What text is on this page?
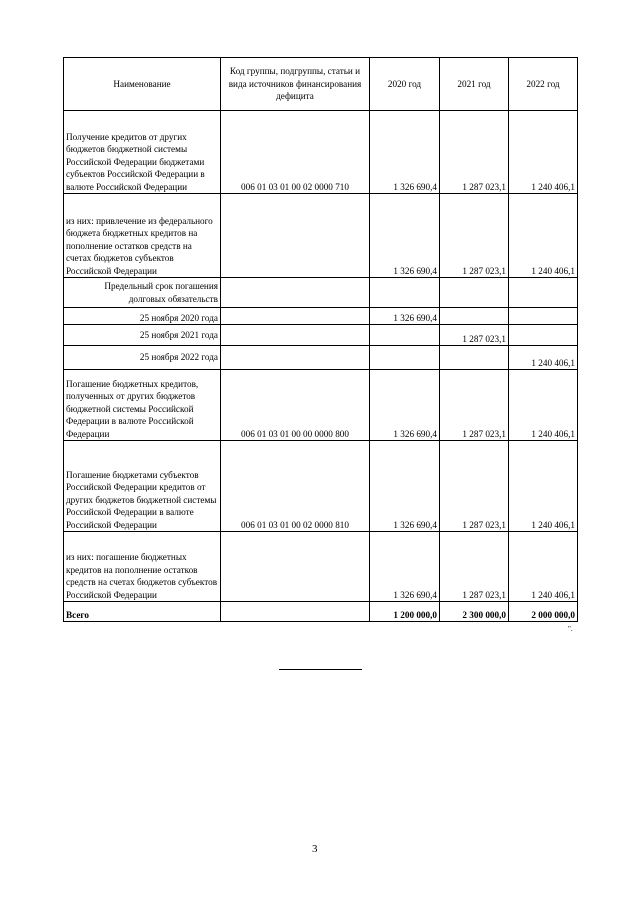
Наименование	Код группы, подгруппы, статьи и вида источников финансирования дефицита	2020 год	2021 год	2022 год
Получение кредитов от других бюджетов бюджетной системы Российской Федерации бюджетами субъектов Российской Федерации в валюте Российской Федерации	006 01 03 01 00 02 0000 710	1 326 690,4	1 287 023,1	1 240 406,1
из них: привлечение из федерального бюджета бюджетных кредитов на пополнение остатков средств на счетах бюджетов субъектов Российской Федерации		1 326 690,4	1 287 023,1	1 240 406,1
Предельный срок погашения долговых обязательств				
25 ноября 2020 года		1 326 690,4		
25 ноября 2021 года			1 287 023,1	
25 ноября 2022 года				1 240 406,1
Погашение бюджетных кредитов, полученных от других бюджетов бюджетной системы Российской Федерации в валюте Российской Федерации	006 01 03 01 00 00 0000 800	1 326 690,4	1 287 023,1	1 240 406,1
Погашение бюджетами субъектов Российской Федерации кредитов от других бюджетов бюджетной системы Российской Федерации в валюте Российской Федерации	006 01 03 01 00 02 0000 810	1 326 690,4	1 287 023,1	1 240 406,1
из них: погашение бюджетных кредитов на пополнение остатков средств на счетах бюджетов субъектов Российской Федерации		1 326 690,4	1 287 023,1	1 240 406,1
Всего		1 200 000,0	2 300 000,0	2 000 000,0
".
3
